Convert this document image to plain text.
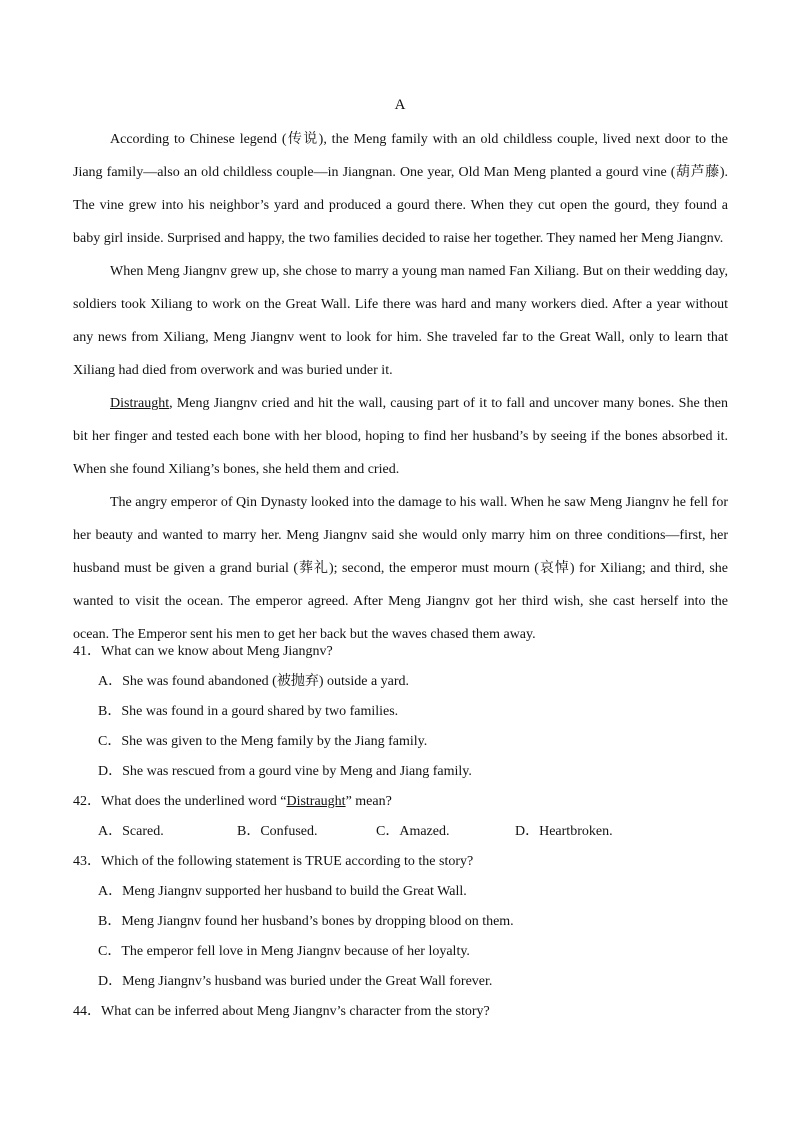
A

According to Chinese legend (传说), the Meng family with an old childless couple, lived next door to the Jiang family—also an old childless couple—in Jiangnan. One year, Old Man Meng planted a gourd vine (葫芦藤). The vine grew into his neighbor’s yard and produced a gourd there. When they cut open the gourd, they found a baby girl inside. Surprised and happy, the two families decided to raise her together. They named her Meng Jiangnv.

When Meng Jiangnv grew up, she chose to marry a young man named Fan Xiliang. But on their wedding day, soldiers took Xiliang to work on the Great Wall. Life there was hard and many workers died. After a year without any news from Xiliang, Meng Jiangnv went to look for him. She traveled far to the Great Wall, only to learn that Xiliang had died from overwork and was buried under it.

Distraught, Meng Jiangnv cried and hit the wall, causing part of it to fall and uncover many bones. She then bit her finger and tested each bone with her blood, hoping to find her husband’s by seeing if the bones absorbed it. When she found Xiliang’s bones, she held them and cried.

The angry emperor of Qin Dynasty looked into the damage to his wall. When he saw Meng Jiangnv he fell for her beauty and wanted to marry her. Meng Jiangnv said she would only marry him on three conditions—first, her husband must be given a grand burial (葬礼); second, the emperor must mourn (哀悼) for Xiliang; and third, she wanted to visit the ocean. The emperor agreed. After Meng Jiangnv got her third wish, she cast herself into the ocean. The Emperor sent his men to get her back but the waves chased them away.

41．What can we know about Meng Jiangnv?

A．She was found abandoned (被抛弃) outside a yard.

B．She was found in a gourd shared by two families.

C．She was given to the Meng family by the Jiang family.

D．She was rescued from a gourd vine by Meng and Jiang family.

42．What does the underlined word “Distraught” mean?

A．Scared.	B．Confused.	C．Amazed.	D．Heartbroken.

43．Which of the following statement is TRUE according to the story?

A．Meng Jiangnv supported her husband to build the Great Wall.

B．Meng Jiangnv found her husband’s bones by dropping blood on them.

C．The emperor fell love in Meng Jiangnv because of her loyalty.

D．Meng Jiangnv’s husband was buried under the Great Wall forever.

44．What can be inferred about Meng Jiangnv’s character from the story?
